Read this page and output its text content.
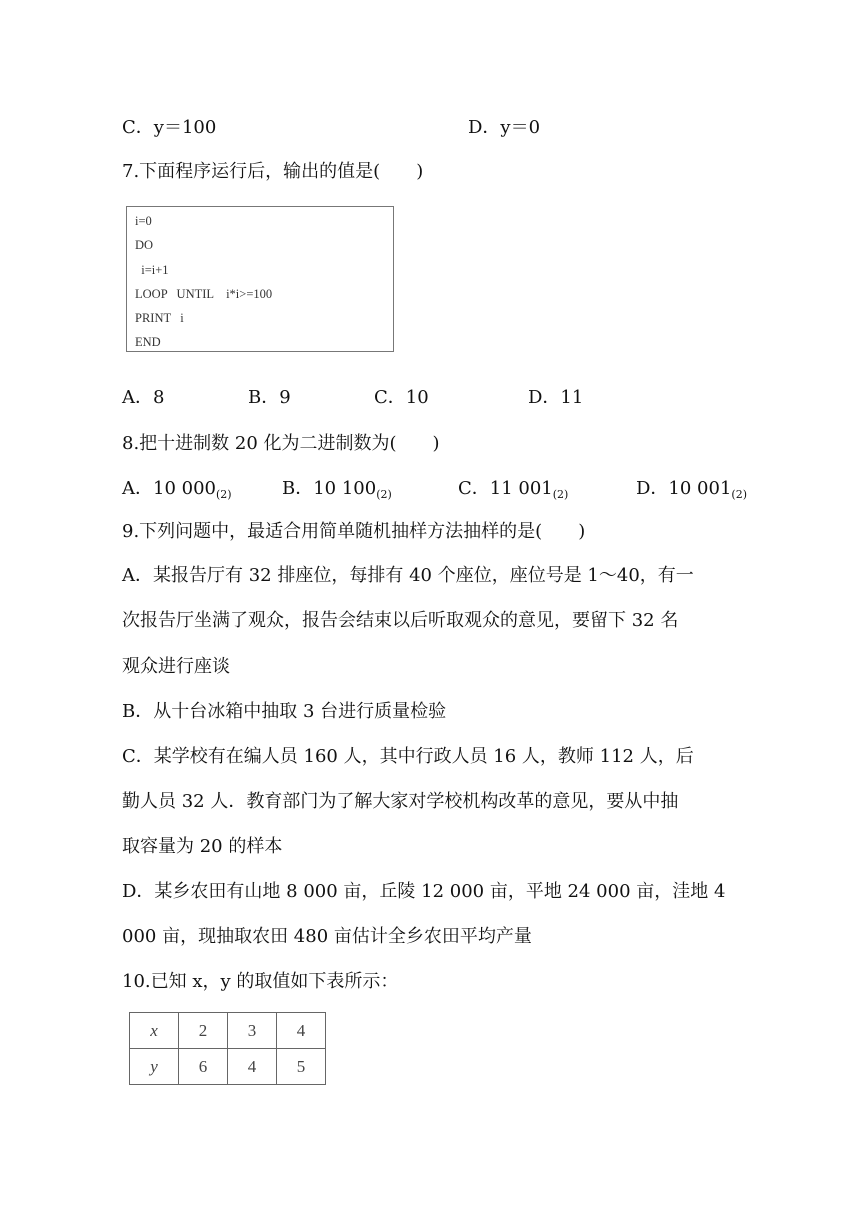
C．y＝100	D．y＝0
7.下面程序运行后，输出的值是(　　)
i=0
DO
i=i+1
LOOP   UNTIL    i*i>=100
PRINT   i
END
A．8	B．9	C．10	D．11
8.把十进制数 20 化为二进制数为(　　)
A．10 $000_{(2)}$	B．10 $100_{(2)}$	C．11 $001_{(2)}$	D．10 $001_{(2)}$
9.下列问题中，最适合用简单随机抽样方法抽样的是(　　)
A．某报告厅有 32 排座位，每排有 40 个座位，座位号是 1～40，有一
次报告厅坐满了观众，报告会结束以后听取观众的意见，要留下 32 名
观众进行座谈
B．从十台冰箱中抽取 3 台进行质量检验
C．某学校有在编人员 160 人，其中行政人员 16 人，教师 112 人，后
勤人员 32 人．教育部门为了解大家对学校机构改革的意见，要从中抽
取容量为 20 的样本
D．某乡农田有山地 8 000 亩，丘陵 12 000 亩，平地 24 000 亩，洼地 4
000 亩，现抽取农田 480 亩估计全乡农田平均产量
10.已知 x，y 的取值如下表所示：
x	2	3	4
y	6	4	5
